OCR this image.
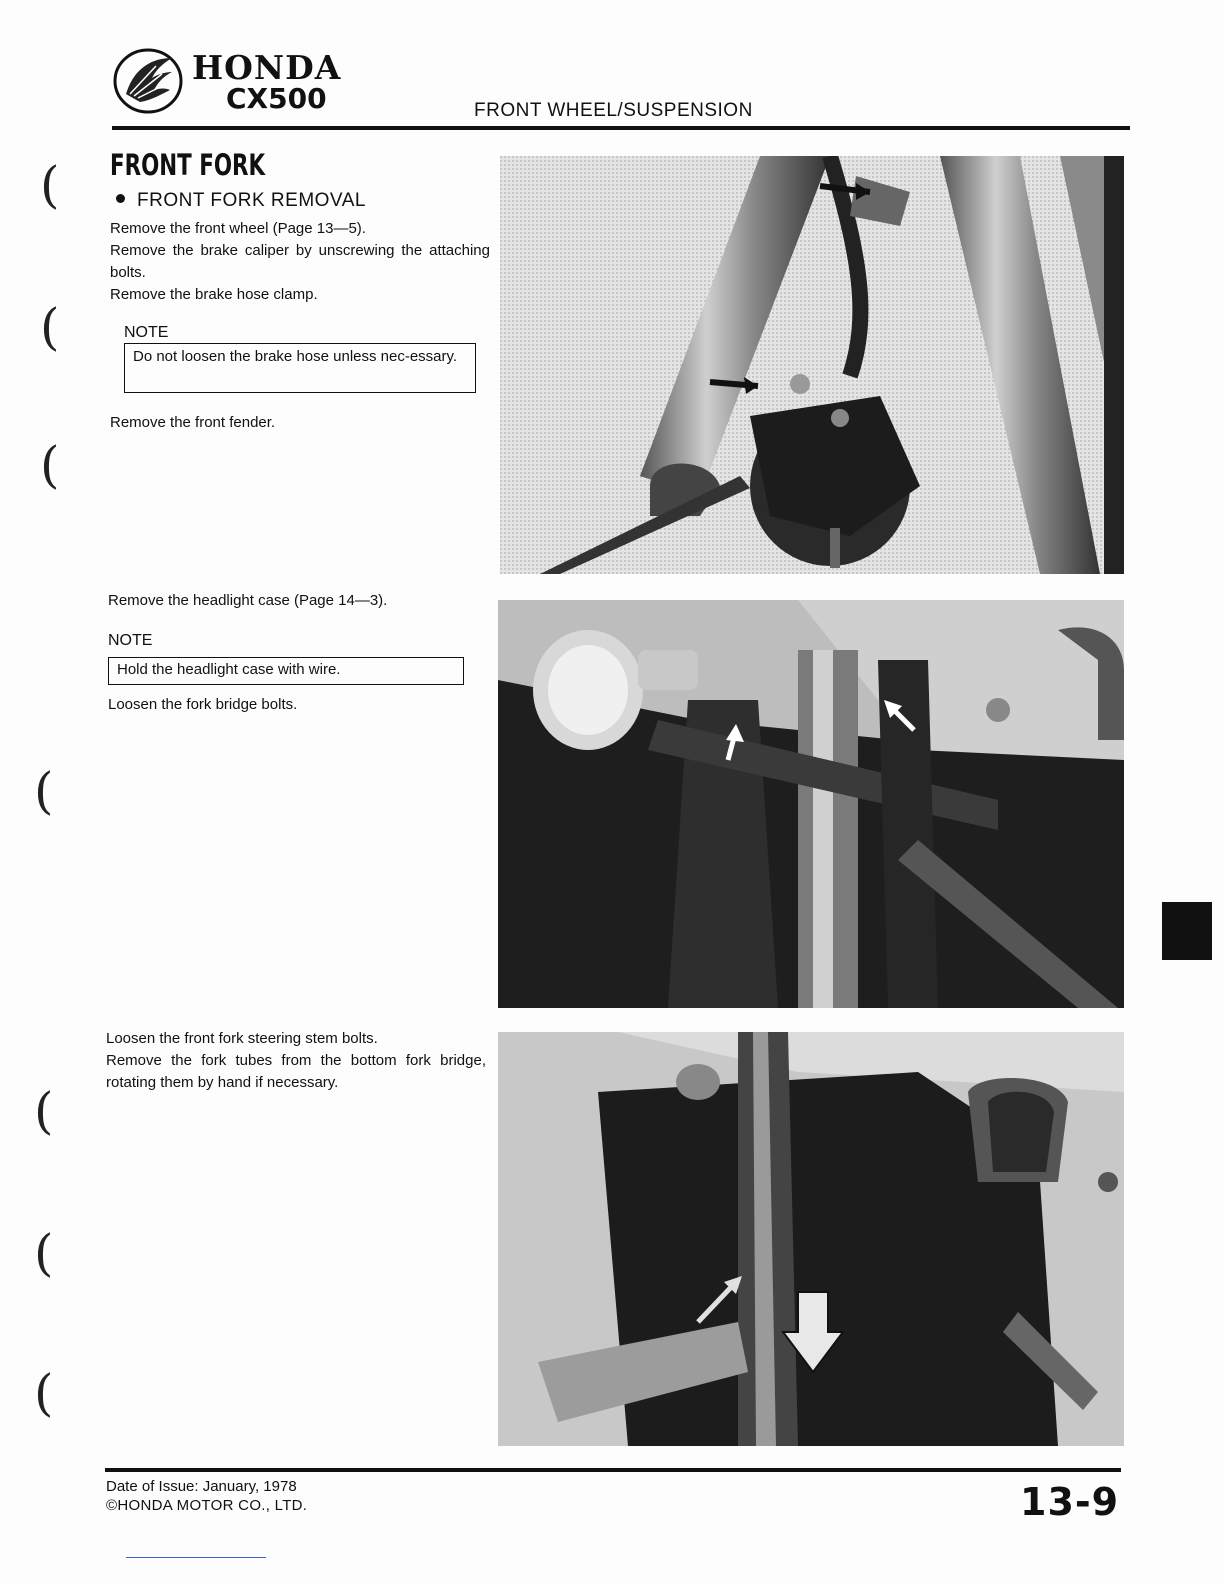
HONDA
CX500	FRONT WHEEL/SUSPENSION
(
(
(
(
(
(
(
FRONT FORK
FRONT FORK REMOVAL
Remove the front wheel (Page 13—5).
Remove the brake caliper by unscrewing the attaching bolts.
Remove the brake hose clamp.
NOTE
Do not loosen the brake hose unless nec-essary.
Remove the front fender.
Remove the headlight case (Page 14—3).
NOTE
Hold the headlight case with wire.
Loosen the fork bridge bolts.
Loosen the front fork steering stem bolts.
Remove the fork tubes from the bottom fork bridge, rotating them by hand if necessary.
Date of Issue: January, 1978
©HONDA MOTOR CO., LTD.	13-9
